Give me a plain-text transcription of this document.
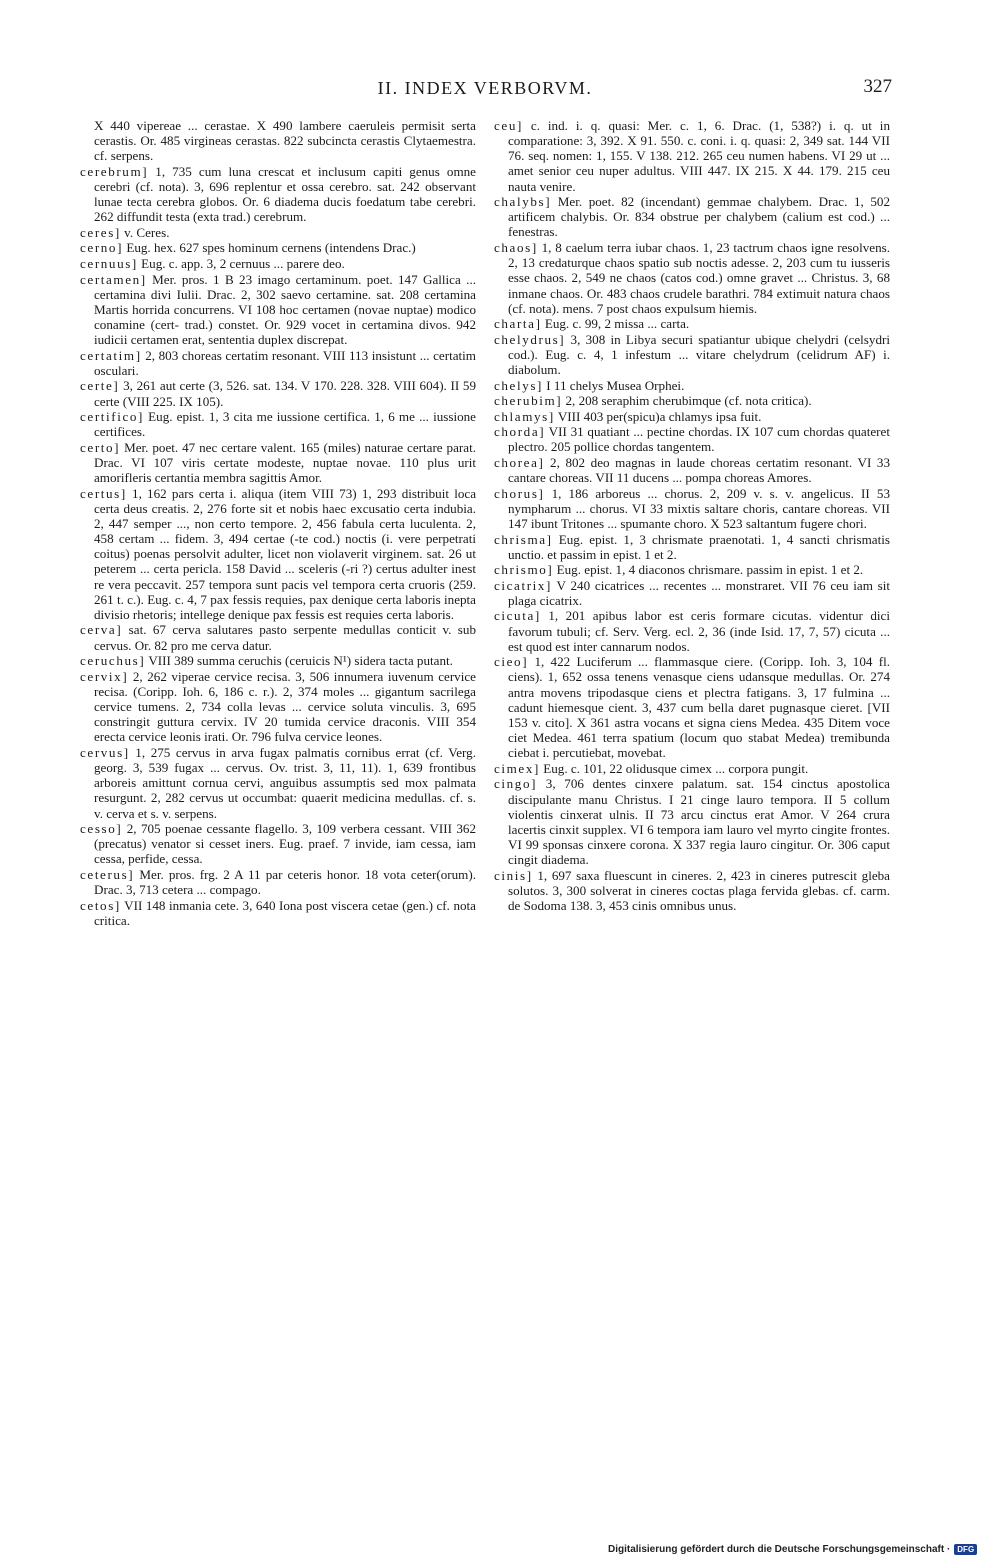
II. INDEX VERBORVM.	327

X 440 vipereae ... cerastae. X 490 lambere caeruleis permisit serta cerastis. Or. 485 virgineas cerastas. 822 subcincta cerastis Clytaemestra. cf. serpens.

cerebrum] 1, 735 cum luna crescat et inclusum capiti genus omne cerebri (cf. nota). 3, 696 replentur et ossa cerebro. sat. 242 observant lunae tecta cerebra globos. Or. 6 diadema ducis foedatum tabe cerebri. 262 diffundit testa (exta trad.) cerebrum.

ceres] v. Ceres.

cerno] Eug. hex. 627 spes hominum cernens (intendens Drac.)

cernuus] Eug. c. app. 3, 2 cernuus ... parere deo.

certamen] Mer. pros. 1 B 23 imago certaminum. poet. 147 Gallica ... certamina divi Iulii. Drac. 2, 302 saevo certamine. sat. 208 certamina Martis horrida concurrens. VI 108 hoc certamen (novae nuptae) modico conamine (cert- trad.) constet. Or. 929 vocet in certamina divos. 942 iudicii certamen erat, sententia duplex discrepat.

certatim] 2, 803 choreas certatim resonant. VIII 113 insistunt ... certatim osculari.

certe] 3, 261 aut certe (3, 526. sat. 134. V 170. 228. 328. VIII 604). II 59 certe (VIII 225. IX 105).

certifico] Eug. epist. 1, 3 cita me iussione certifica. 1, 6 me ... iussione certifices.

certo] Mer. poet. 47 nec certare valent. 165 (miles) naturae certare parat. Drac. VI 107 viris certate modeste, nuptae novae. 110 plus urit amorifleris certantia membra sagittis Amor.

certus] 1, 162 pars certa i. aliqua (item VIII 73) 1, 293 distribuit loca certa deus creatis. 2, 276 forte sit et nobis haec excusatio certa indubia. 2, 447 semper ..., non certo tempore. 2, 456 fabula certa luculenta. 2, 458 certam ... fidem. 3, 494 certae (-te cod.) noctis (i. vere perpetrati coitus) poenas persolvit adulter, licet non violaverit virginem. sat. 26 ut peterem ... certa pericla. 158 David ... sceleris (-ri ?) certus adulter inest re vera peccavit. 257 tempora sunt pacis vel tempora certa cruoris (259. 261 t. c.). Eug. c. 4, 7 pax fessis requies, pax denique certa laboris inepta divisio rhetoris; intellege denique pax fessis est requies certa laboris.

cerva] sat. 67 cerva salutares pasto serpente medullas conticit v. sub cervus. Or. 82 pro me cerva datur.

ceruchus] VIII 389 summa ceruchis (ceruicis N¹) sidera tacta putant.

cervix] 2, 262 viperae cervice recisa. 3, 506 innumera iuvenum cervice recisa. (Coripp. Ioh. 6, 186 c. r.). 2, 374 moles ... gigantum sacrilega cervice tumens. 2, 734 colla levas ... cervice soluta vinculis. 3, 695 constringit guttura cervix. IV 20 tumida cervice draconis. VIII 354 erecta cervice leonis irati. Or. 796 fulva cervice leones.

cervus] 1, 275 cervus in arva fugax palmatis cornibus errat (cf. Verg. georg. 3, 539 fugax ... cervus. Ov. trist. 3, 11, 11). 1, 639 frontibus arboreis amittunt cornua cervi, anguibus assumptis sed mox palmata resurgunt. 2, 282 cervus ut occumbat: quaerit medicina medullas. cf. s. v. cerva et s. v. serpens.

cesso] 2, 705 poenae cessante flagello. 3, 109 verbera cessant. VIII 362 (precatus) venator si cesset iners. Eug. praef. 7 invide, iam cessa, iam cessa, perfide, cessa.

ceterus] Mer. pros. frg. 2 A 11 par ceteris honor. 18 vota ceter(orum). Drac. 3, 713 cetera ... compago.

cetos] VII 148 inmania cete. 3, 640 Iona post viscera cetae (gen.) cf. nota critica.

ceu] c. ind. i. q. quasi: Mer. c. 1, 6. Drac. (1, 538?) i. q. ut in comparatione: 3, 392. X 91. 550. c. coni. i. q. quasi: 2, 349 sat. 144 VII 76. seq. nomen: 1, 155. V 138. 212. 265 ceu numen habens. VI 29 ut ... amet senior ceu nuper adultus. VIII 447. IX 215. X 44. 179. 215 ceu nauta venire.

chalybs] Mer. poet. 82 (incendant) gemmae chalybem. Drac. 1, 502 artificem chalybis. Or. 834 obstrue per chalybem (calium est cod.) ... fenestras.

chaos] 1, 8 caelum terra iubar chaos. 1, 23 tactrum chaos igne resolvens. 2, 13 credaturque chaos spatio sub noctis adesse. 2, 203 cum tu iusseris esse chaos. 2, 549 ne chaos (catos cod.) omne gravet ... Christus. 3, 68 inmane chaos. Or. 483 chaos crudele barathri. 784 extimuit natura chaos (cf. nota). mens. 7 post chaos expulsum hiemis.

charta] Eug. c. 99, 2 missa ... carta.

chelydrus] 3, 308 in Libya securi spatiantur ubique chelydri (celsydri cod.). Eug. c. 4, 1 infestum ... vitare chelydrum (celidrum AF) i. diabolum.

chelys] I 11 chelys Musea Orphei.

cherubim] 2, 208 seraphim cherubimque (cf. nota critica).

chlamys] VIII 403 per(spicu)a chlamys ipsa fuit.

chorda] VII 31 quatiant ... pectine chordas. IX 107 cum chordas quateret plectro. 205 pollice chordas tangentem.

chorea] 2, 802 deo magnas in laude choreas certatim resonant. VI 33 cantare choreas. VII 11 ducens ... pompa choreas Amores.

chorus] 1, 186 arboreus ... chorus. 2, 209 v. s. v. angelicus. II 53 nympharum ... chorus. VI 33 mixtis saltare choris, cantare choreas. VII 147 ibunt Tritones ... spumante choro. X 523 saltantum fugere chori.

chrisma] Eug. epist. 1, 3 chrismate praenotati. 1, 4 sancti chrismatis unctio. et passim in epist. 1 et 2.

chrismo] Eug. epist. 1, 4 diaconos chrismare. passim in epist. 1 et 2.

cicatrix] V 240 cicatrices ... recentes ... monstraret. VII 76 ceu iam sit plaga cicatrix.

cicuta] 1, 201 apibus labor est ceris formare cicutas. videntur dici favorum tubuli; cf. Serv. Verg. ecl. 2, 36 (inde Isid. 17, 7, 57) cicuta ... est quod est inter cannarum nodos.

cieo] 1, 422 Luciferum ... flammasque ciere. (Coripp. Ioh. 3, 104 fl. ciens). 1, 652 ossa tenens venasque ciens udansque medullas. Or. 274 antra movens tripodasque ciens et plectra fatigans. 3, 17 fulmina ... cadunt hiemesque cient. 3, 437 cum bella daret pugnasque cieret. [VII 153 v. cito]. X 361 astra vocans et signa ciens Medea. 435 Ditem voce ciet Medea. 461 terra spatium (locum quo stabat Medea) tremibunda ciebat i. percutiebat, movebat.

cimex] Eug. c. 101, 22 olidusque cimex ... corpora pungit.

cingo] 3, 706 dentes cinxere palatum. sat. 154 cinctus apostolica discipulante manu Christus. I 21 cinge lauro tempora. II 5 collum violentis cinxerat ulnis. II 73 arcu cinctus erat Amor. V 264 crura lacertis cinxit supplex. VI 6 tempora iam lauro vel myrto cingite frontes. VI 99 sponsas cinxere corona. X 337 regia lauro cingitur. Or. 306 caput cingit diadema.

cinis] 1, 697 saxa fluescunt in cineres. 2, 423 in cineres putrescit gleba solutos. 3, 300 solverat in cineres coctas plaga fervida glebas. cf. carm. de Sodoma 138. 3, 453 cinis omnibus unus.

Digitalisierung gefördert durch die Deutsche Forschungsgemeinschaft · DFG
